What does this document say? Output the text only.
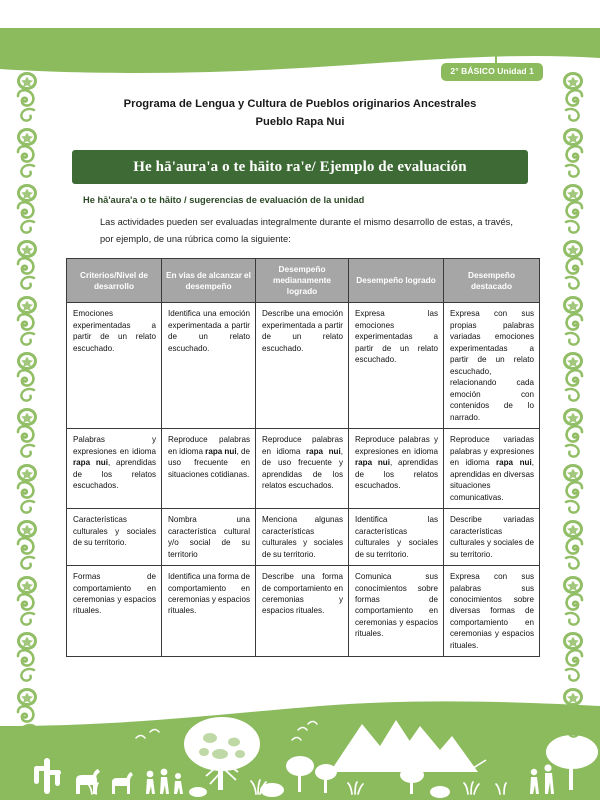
2° BÁSICO Unidad 1
Programa de Lengua y Cultura de Pueblos originarios Ancestrales
Pueblo Rapa Nui
He hā'aura'a o te hāito ra'e/ Ejemplo de evaluación
He hā'aura'a o te hāito / sugerencias de evaluación de la unidad
Las actividades pueden ser evaluadas integralmente durante el mismo desarrollo de estas, a través, por ejemplo, de una rúbrica como la siguiente:
Criterios/Nivel de desarrollo	En vias de alcanzar el desempeño	Desempeño medianamente logrado	Desempeño logrado	Desempeño destacado
Emociones experimentadas a partir de un relato escuchado.	Identifica una emoción experimentada a partir de un relato escuchado.	Describe una emoción experimentada a partir de un relato escuchado.	Expresa las emociones experimentadas a partir de un relato escuchado.	Expresa con sus propias palabras variadas emociones experimentadas a partir de un relato escuchado, relacionando cada emoción con contenidos de lo narrado.
Palabras y expresiones en idioma rapa nui, aprendidas de los relatos escuchados.	Reproduce palabras en idioma rapa nui, de uso frecuente en situaciones cotidianas.	Reproduce palabras en idioma rapa nui, de uso frecuente y aprendidas de los relatos escuchados.	Reproduce palabras y expresiones en idioma rapa nui, aprendidas de los relatos escuchados.	Reproduce variadas palabras y expresiones en idioma rapa nui, aprendidas en diversas situaciones comunicativas.
Características culturales y sociales de su territorio.	Nombra una característica cultural y/o social de su territorio	Menciona algunas características culturales y sociales de su territorio.	Identifica las características culturales y sociales de su territorio.	Describe variadas características culturales y sociales de su territorio.
Formas de comportamiento en ceremonias y espacios rituales.	Identifica una forma de comportamiento en ceremonias y espacios rituales.	Describe una forma de comportamiento en ceremonias y espacios rituales.	Comunica sus conocimientos sobre formas de comportamiento en ceremonias y espacios rituales.	Expresa con sus palabras sus conocimientos sobre diversas formas de comportamiento en ceremonias y espacios rituales.
